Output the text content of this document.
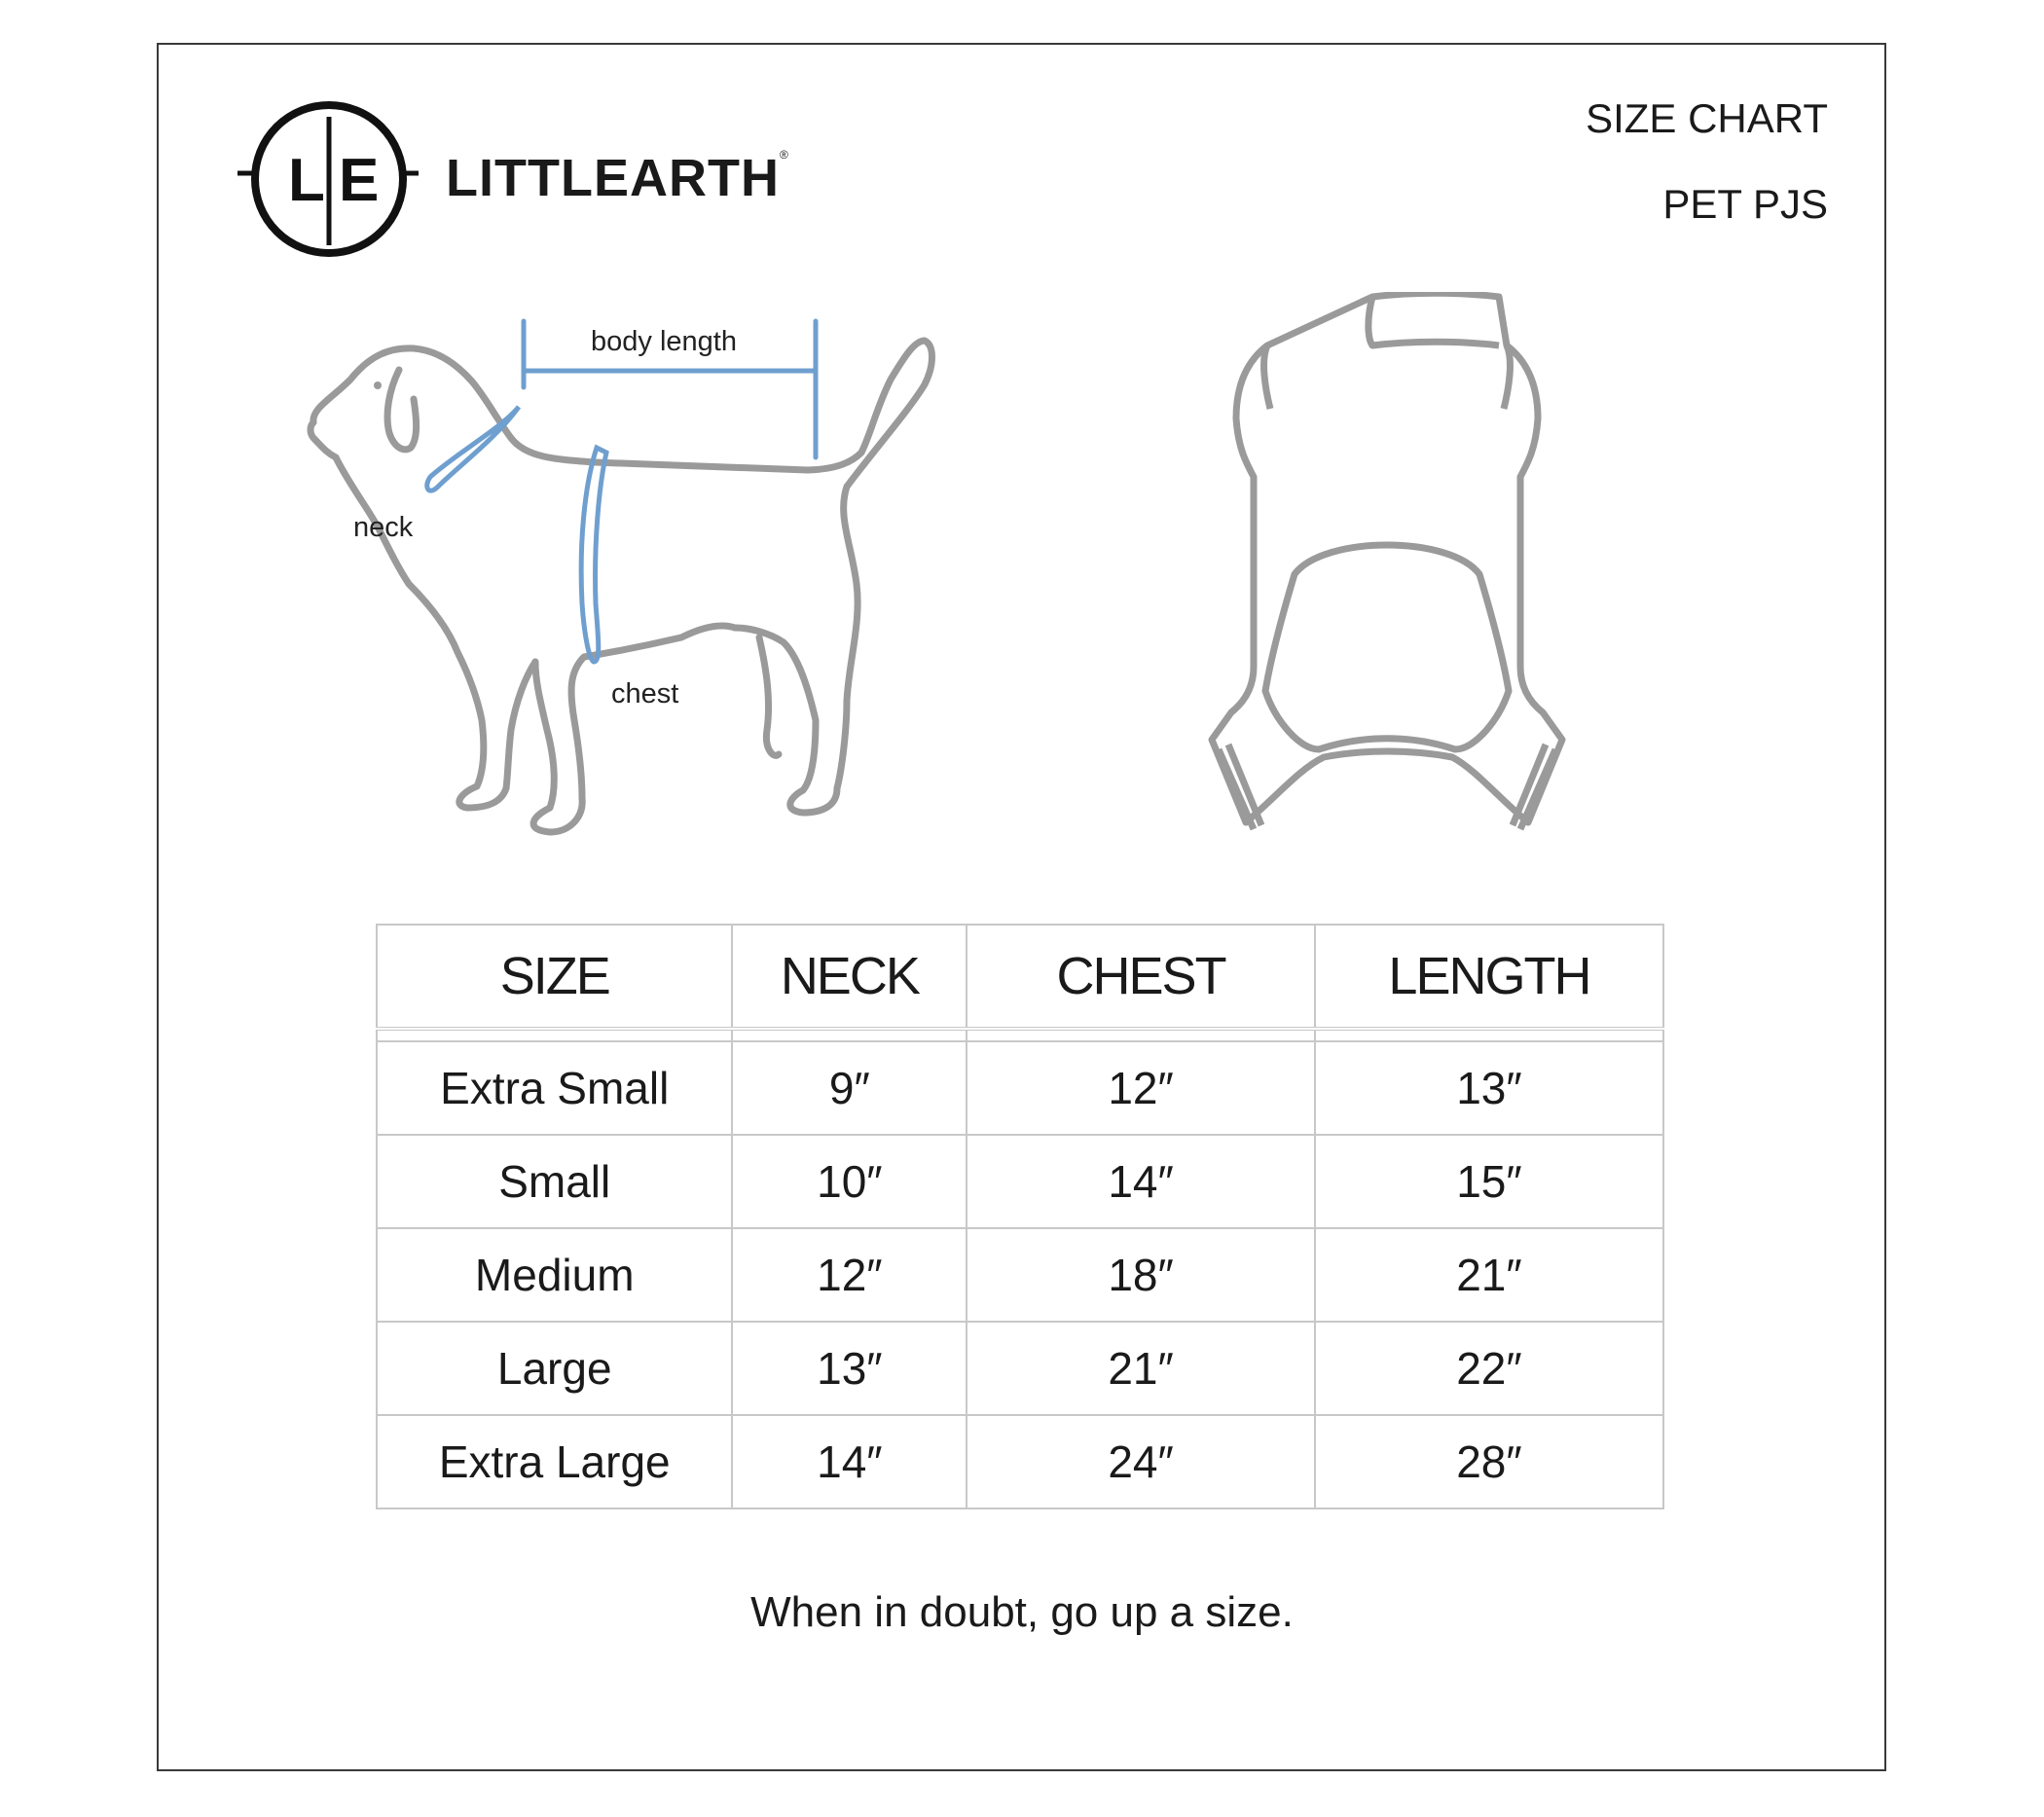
L E LITTLEARTH®
SIZE CHART
PET PJS
body length
neck
chest
SIZE	NECK	CHEST	LENGTH

Extra Small	9″	12″	13″
Small	10″	14″	15″
Medium	12″	18″	21″
Large	13″	21″	22″
Extra Large	14″	24″	28″
When in doubt, go up a size.
